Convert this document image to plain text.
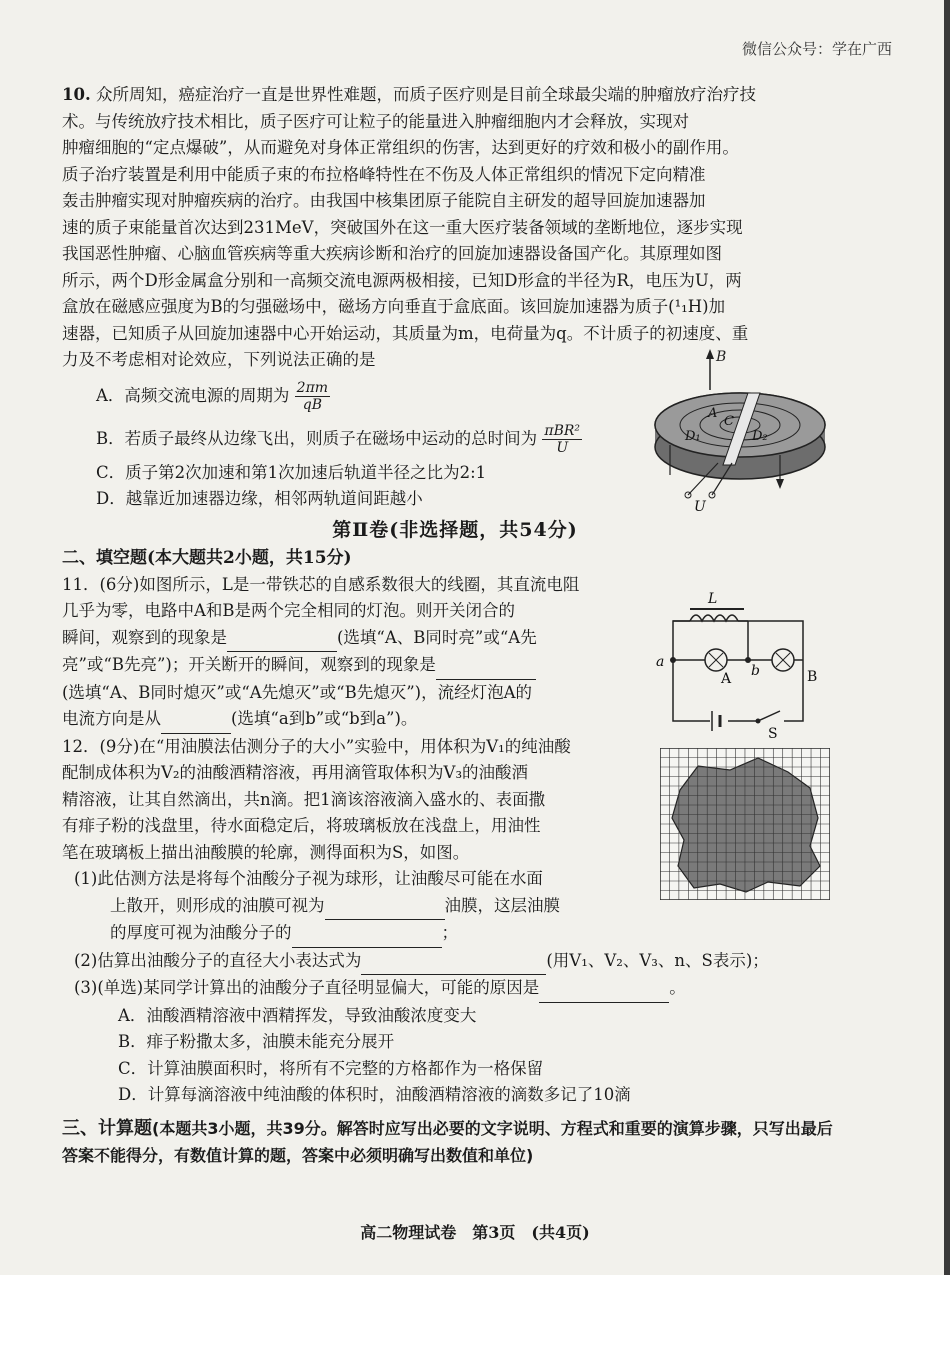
微信公众号：学在广西
10. 众所周知，癌症治疗一直是世界性难题，而质子医疗则是目前全球最尖端的肿瘤放疗治疗技
术。与传统放疗技术相比，质子医疗可让粒子的能量进入肿瘤细胞内才会释放，实现对
肿瘤细胞的“定点爆破”，从而避免对身体正常组织的伤害，达到更好的疗效和极小的副作用。
质子治疗装置是利用中能质子束的布拉格峰特性在不伤及人体正常组织的情况下定向精准
轰击肿瘤实现对肿瘤疾病的治疗。由我国中核集团原子能院自主研发的超导回旋加速器加
速的质子束能量首次达到231MeV，突破国外在这一重大医疗装备领域的垄断地位，逐步实现
我国恶性肿瘤、心脑血管疾病等重大疾病诊断和治疗的回旋加速器设备国产化。其原理如图
所示，两个D形金属盒分别和一高频交流电源两极相接，已知D形盒的半径为R，电压为U，两
盒放在磁感应强度为B的匀强磁场中，磁场方向垂直于盒底面。该回旋加速器为质子(¹₁H)加
速器，已知质子从回旋加速器中心开始运动，其质量为m，电荷量为q。不计质子的初速度、重
力及不考虑相对论效应，下列说法正确的是
A．高频交流电源的周期为 $\frac{2\pi m}{qB}$
B．若质子最终从边缘飞出，则质子在磁场中运动的总时间为 $\frac{\text{πBR²}}{U}$
C．质子第2次加速和第1次加速后轨道半径之比为2:1
D．越靠近加速器边缘，相邻两轨道间距越小
第Ⅱ卷(非选择题，共54分)
二、填空题(本大题共2小题，共15分)
11．(6分)如图所示，L是一带铁芯的自感系数很大的线圈，其直流电阻
几乎为零，电路中A和B是两个完全相同的灯泡。则开关闭合的
瞬间，观察到的现象是	(选填“A、B同时亮”或“A先
亮”或“B先亮”)；开关断开的瞬间，观察到的现象是
(选填“A、B同时熄灭”或“A先熄灭”或“B先熄灭”)，流经灯泡A的
电流方向是从	(选填“a到b”或“b到a”)。
12．(9分)在“用油膜法估测分子的大小”实验中，用体积为V₁的纯油酸
配制成体积为V₂的油酸酒精溶液，再用滴管取体积为V₃的油酸酒
精溶液，让其自然滴出，共n滴。把1滴该溶液滴入盛水的、表面撒
有痱子粉的浅盘里，待水面稳定后，将玻璃板放在浅盘上，用油性
笔在玻璃板上描出油酸膜的轮廓，测得面积为S，如图。
(1)此估测方法是将每个油酸分子视为球形，让油酸尽可能在水面
上散开，则形成的油膜可视为	油膜，这层油膜
的厚度可视为油酸分子的	；
(2)估算出油酸分子的直径大小表达式为	(用V₁、V₂、V₃、n、S表示)；
(3)(单选)某同学计算出的油酸分子直径明显偏大，可能的原因是	。
A．油酸酒精溶液中酒精挥发，导致油酸浓度变大
B．痱子粉撒太多，油膜未能充分展开
C．计算油膜面积时，将所有不完整的方格都作为一格保留
D．计算每滴溶液中纯油酸的体积时，油酸酒精溶液的滴数多记了10滴
三、计算题(本题共3小题，共39分。解答时应写出必要的文字说明、方程式和重要的演算步骤，只写出最后答案不能得分，有数值计算的题，答案中必须明确写出数值和单位)
B
A
C
D₁	D₂
U
L
a
b
A	B
S
高二物理试卷　第3页　(共4页)
